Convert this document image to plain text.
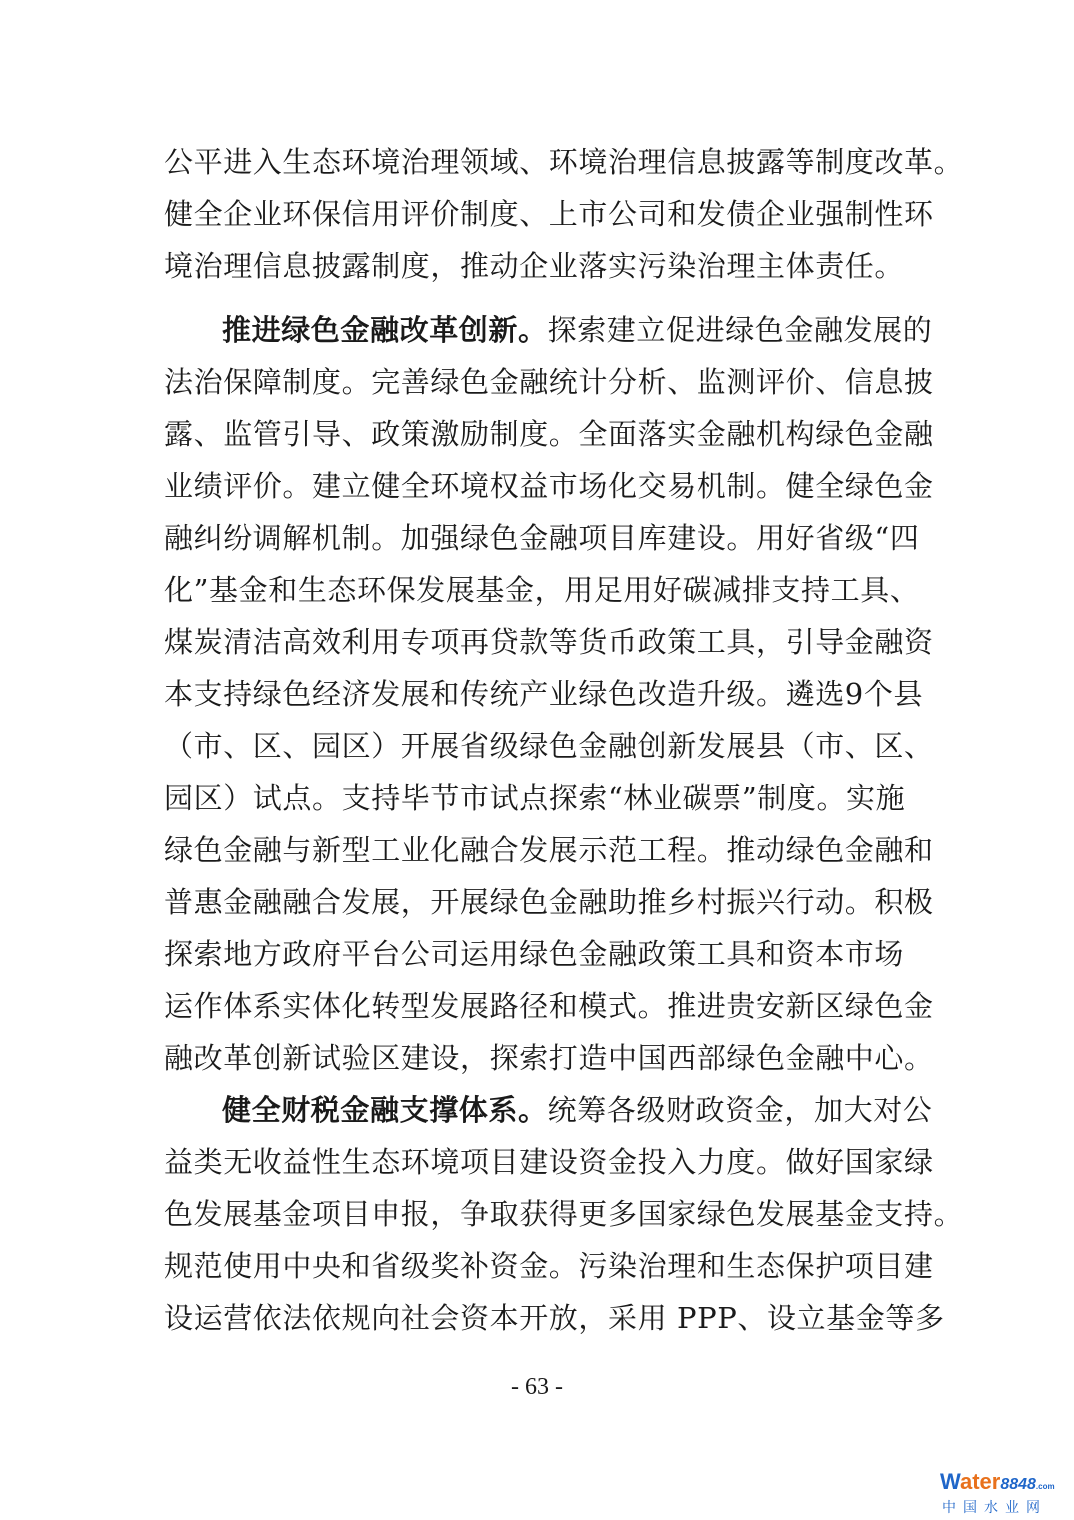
公平进入生态环境治理领域、环境治理信息披露等制度改革。
健全企业环保信用评价制度、上市公司和发债企业强制性环
境治理信息披露制度，推动企业落实污染治理主体责任。
推进绿色金融改革创新。探索建立促进绿色金融发展的
法治保障制度。完善绿色金融统计分析、监测评价、信息披
露、监管引导、政策激励制度。全面落实金融机构绿色金融
业绩评价。建立健全环境权益市场化交易机制。健全绿色金
融纠纷调解机制。加强绿色金融项目库建设。用好省级“四
化”基金和生态环保发展基金，用足用好碳减排支持工具、
煤炭清洁高效利用专项再贷款等货币政策工具，引导金融资
本支持绿色经济发展和传统产业绿色改造升级。遴选9个县
（市、区、园区）开展省级绿色金融创新发展县（市、区、
园区）试点。支持毕节市试点探索“林业碳票”制度。实施
绿色金融与新型工业化融合发展示范工程。推动绿色金融和
普惠金融融合发展，开展绿色金融助推乡村振兴行动。积极
探索地方政府平台公司运用绿色金融政策工具和资本市场
运作体系实体化转型发展路径和模式。推进贵安新区绿色金
融改革创新试验区建设，探索打造中国西部绿色金融中心。
健全财税金融支撑体系。统筹各级财政资金，加大对公
益类无收益性生态环境项目建设资金投入力度。做好国家绿
色发展基金项目申报，争取获得更多国家绿色发展基金支持。
规范使用中央和省级奖补资金。污染治理和生态保护项目建
设运营依法依规向社会资本开放，采用 PPP、设立基金等多
- 63 -
Water8848.com
中国水业网
